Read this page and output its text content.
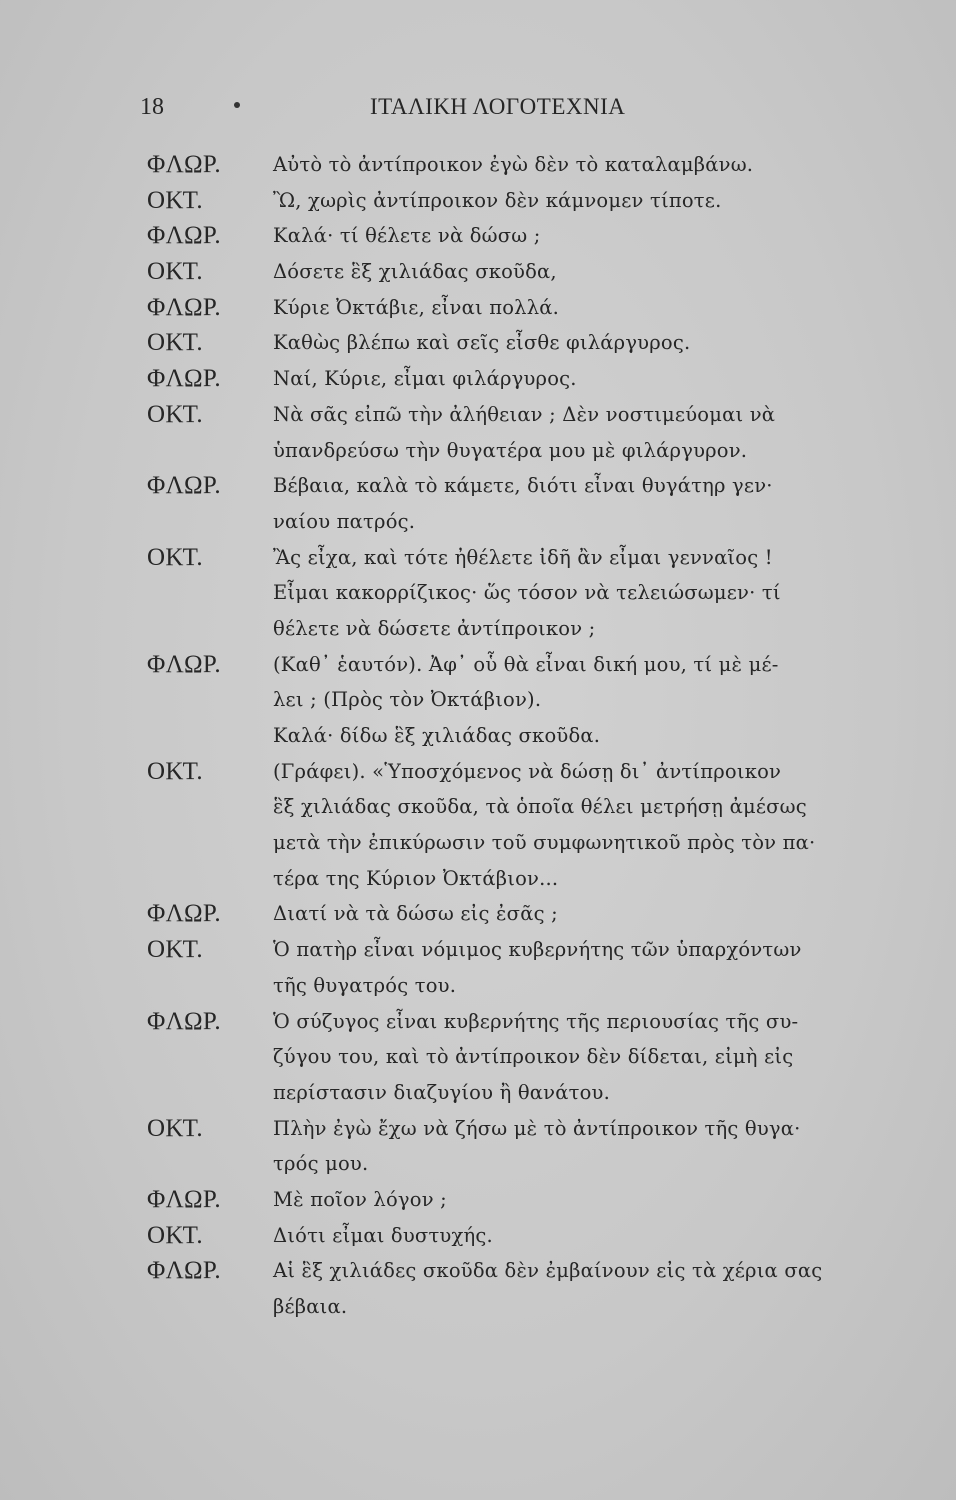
18	ΙΤΑΛΙΚΗ ΛΟΓΟΤΕΧΝΙΑ
ΦΛΩΡ.	Αὐτὸ τὸ ἀντίπροικον ἐγὼ δὲν τὸ καταλαμβάνω.
ΟΚΤ.	Ὢ, χωρὶς ἀντίπροικον δὲν κάμνομεν τίποτε.
ΦΛΩΡ.	Καλά· τί θέλετε νὰ δώσω ;
ΟΚΤ.	Δόσετε ἓξ χιλιάδας σκοῦδα,
ΦΛΩΡ.	Κύριε Ὀκτάβιε, εἶναι πολλά.
ΟΚΤ.	Καθὼς βλέπω καὶ σεῖς εἶσθε φιλάργυρος.
ΦΛΩΡ.	Ναί, Κύριε, εἶμαι φιλάργυρος.
ΟΚΤ.	Νὰ σᾶς εἰπῶ τὴν ἀλήθειαν ; Δὲν νοστιμεύομαι νὰ
ὑπανδρεύσω τὴν θυγατέρα μου μὲ φιλάργυρον.
ΦΛΩΡ.	Βέβαια, καλὰ τὸ κάμετε, διότι εἶναι θυγάτηρ γεν·
ναίου πατρός.
ΟΚΤ.	Ἂς εἶχα, καὶ τότε ἠθέλετε ἰδῆ ἂν εἶμαι γενναῖος !
Εἶμαι κακορρίζικος· ὥς τόσον νὰ τελειώσωμεν· τί
θέλετε νὰ δώσετε ἀντίπροικον ;
ΦΛΩΡ.	(Καθ᾽ ἑαυτόν). Ἀφ᾽ οὗ θὰ εἶναι δική μου, τί μὲ μέ-
λει ; (Πρὸς τὸν Ὀκτάβιον).
Καλά· δίδω ἓξ χιλιάδας σκοῦδα.
ΟΚΤ.	(Γράφει). «Ὑποσχόμενος νὰ δώσῃ δι᾽ ἀντίπροικον
ἓξ χιλιάδας σκοῦδα, τὰ ὁποῖα θέλει μετρήσῃ ἀμέσως
μετὰ τὴν ἐπικύρωσιν τοῦ συμφωνητικοῦ πρὸς τὸν πα·
τέρα της Κύριον Ὀκτάβιον...
ΦΛΩΡ.	Διατί νὰ τὰ δώσω εἰς ἐσᾶς ;
ΟΚΤ.	Ὁ πατὴρ εἶναι νόμιμος κυβερνήτης τῶν ὑπαρχόντων
τῆς θυγατρός του.
ΦΛΩΡ.	Ὁ σύζυγος εἶναι κυβερνήτης τῆς περιουσίας τῆς συ-
ζύγου του, καὶ τὸ ἀντίπροικον δὲν δίδεται, εἰμὴ εἰς
περίστασιν διαζυγίου ἢ θανάτου.
ΟΚΤ.	Πλὴν ἐγὼ ἔχω νὰ ζήσω μὲ τὸ ἀντίπροικον τῆς θυγα·
τρός μου.
ΦΛΩΡ.	Μὲ ποῖον λόγον ;
ΟΚΤ.	Διότι εἶμαι δυστυχής.
ΦΛΩΡ.	Αἱ ἓξ χιλιάδες σκοῦδα δὲν ἐμβαίνουν εἰς τὰ χέρια σας
βέβαια.
